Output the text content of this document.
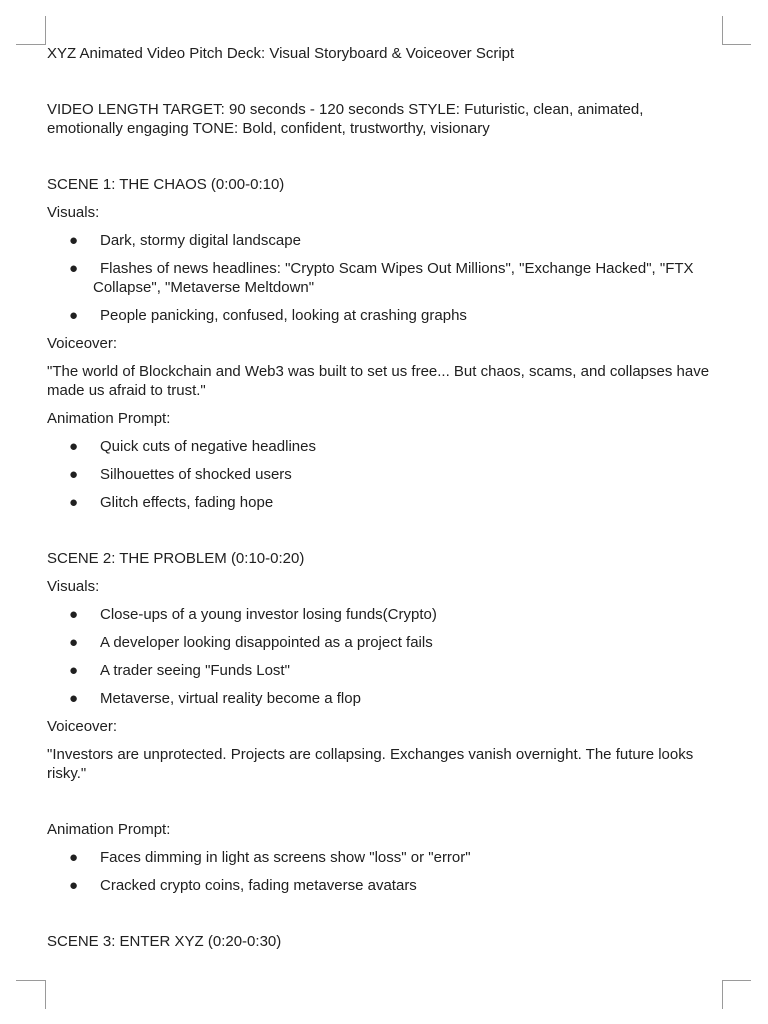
XYZ Animated Video Pitch Deck: Visual Storyboard & Voiceover Script

VIDEO LENGTH TARGET: 90 seconds - 120 seconds STYLE: Futuristic, clean, animated, emotionally engaging TONE: Bold, confident, trustworthy, visionary

SCENE 1: THE CHAOS (0:00-0:10)

Visuals:

●	Dark, stormy digital landscape
●	Flashes of news headlines: "Crypto Scam Wipes Out Millions", "Exchange Hacked", "FTX Collapse", "Metaverse Meltdown"
●	People panicking, confused, looking at crashing graphs

Voiceover:

"The world of Blockchain and Web3 was built to set us free... But chaos, scams, and collapses have made us afraid to trust."

Animation Prompt:

●	Quick cuts of negative headlines
●	Silhouettes of shocked users
●	Glitch effects, fading hope

SCENE 2: THE PROBLEM (0:10-0:20)

Visuals:

●	Close-ups of a young investor losing funds(Crypto)
●	A developer looking disappointed as a project fails
●	A trader seeing "Funds Lost"
●	Metaverse, virtual reality become a flop

Voiceover:

"Investors are unprotected. Projects are collapsing. Exchanges vanish overnight. The future looks risky."

Animation Prompt:

●	Faces dimming in light as screens show "loss" or "error"
●	Cracked crypto coins, fading metaverse avatars

SCENE 3: ENTER XYZ (0:20-0:30)
